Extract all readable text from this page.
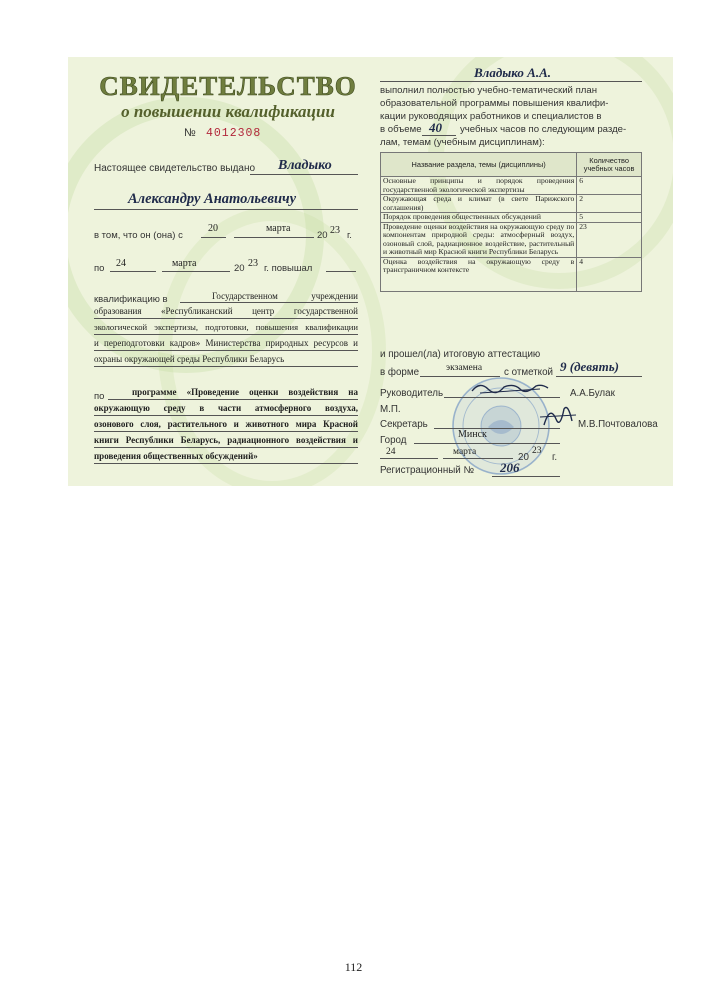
СВИДЕТЕЛЬСТВО
о повышении квалификации
№ 4012308
Настоящее свидетельство выдано Владыко
Александру Анатольевичу
в том, что он (она) с
20	марта
20 23 г.
по 24	марта	20 23 г. повышал
квалификацию в	Государственном учреждении
образования «Республиканский центр государственной
экологической экспертизы, подготовки, повышения квалификации
и переподготовки кадров» Министерства природных ресурсов и
охраны окружающей среды Республики Беларусь
по	программе «Проведение оценки воздействия на
окружающую среду в части атмосферного воздуха,
озонового слоя, растительного и животного мира Красной
книги Республики Беларусь, радиационного воздействия и
проведения общественных обсуждений»
Владыко А.А.
выполнил полностью учебно-тематический план
образовательной программы повышения квалифи-
кации руководящих работников и специалистов в
в объеме 40 учебных часов по следующим разде-
лам, темам (учебным дисциплинам):
Название раздела, темы (дисциплины)	Количество учебных часов
Основные принципы и порядок проведения государственной экологической экспертизы	6
Окружающая среда и климат (в свете Парижского соглашения)	2
Порядок проведения общественных обсуждений	5
Проведение оценки воздействия на окружающую среду по компонентам природной среды: атмосферный воздух, озоновый слой, радиационное воздействие, растительный и животный мир Красной книги Республики Беларусь	23
Оценка воздействия на окружающую среду в трансграничном контексте	4
и прошел(ла) итоговую аттестацию
в форме	экзамена с отметкой 9 (девять)
Руководитель	А.А.Булак
М.П.
Секретарь	М.В.Почтовалова
Город
Минск
24	марта	20
23
г.
Регистрационный № 206
112
